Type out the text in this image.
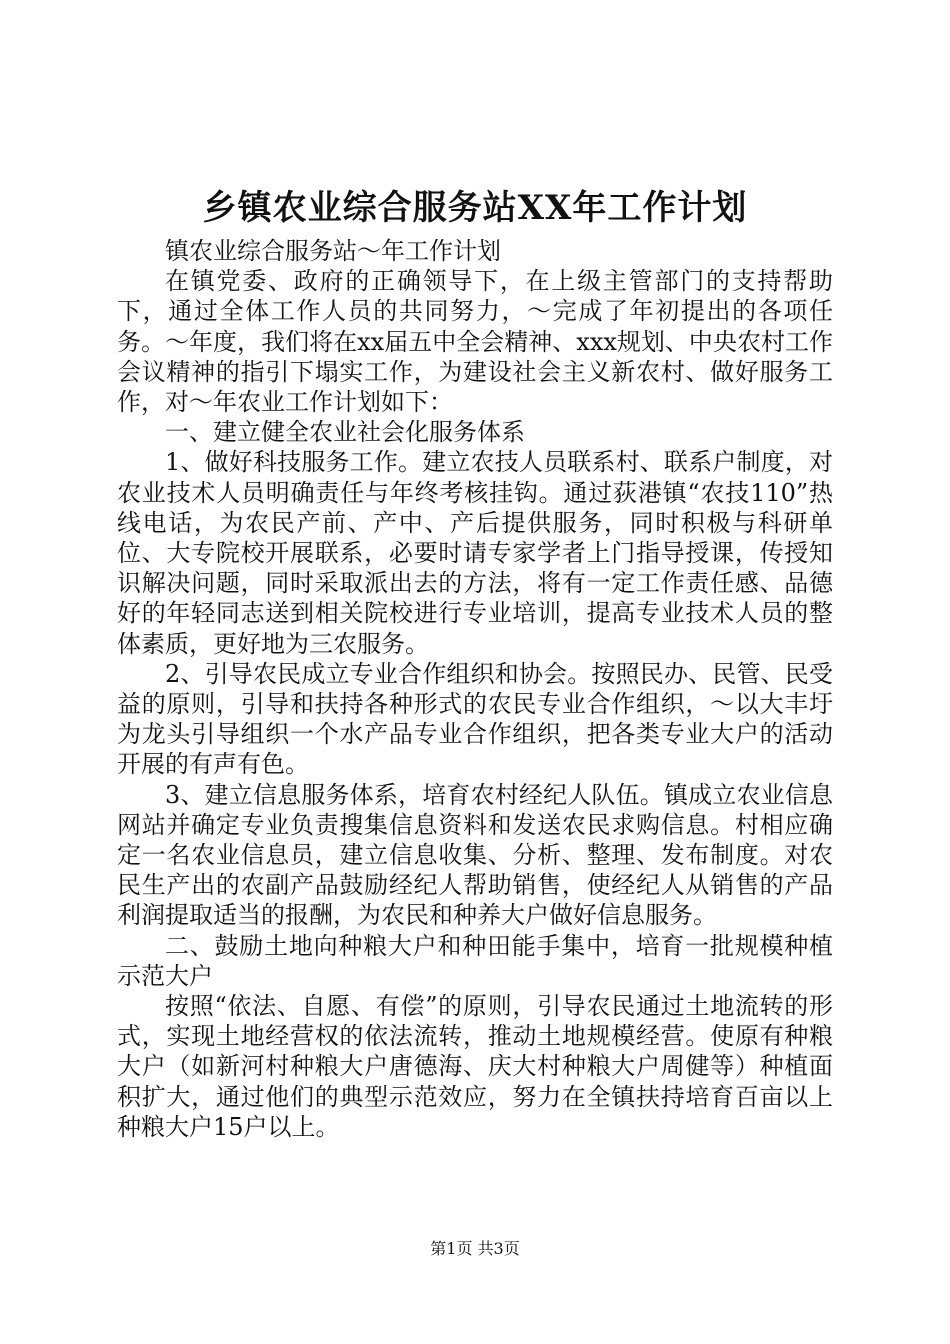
乡镇农业综合服务站XX年工作计划

镇农业综合服务站～年工作计划

在镇党委、政府的正确领导下，在上级主管部门的支持帮助下，通过全体工作人员的共同努力，～完成了年初提出的各项任务。～年度，我们将在xx届五中全会精神、xxx规划、中央农村工作会议精神的指引下塌实工作，为建设社会主义新农村、做好服务工作，对～年农业工作计划如下：

一、建立健全农业社会化服务体系

1、做好科技服务工作。建立农技人员联系村、联系户制度，对农业技术人员明确责任与年终考核挂钩。通过荻港镇“农技110”热线电话，为农民产前、产中、产后提供服务，同时积极与科研单位、大专院校开展联系，必要时请专家学者上门指导授课，传授知识解决问题，同时采取派出去的方法，将有一定工作责任感、品德好的年轻同志送到相关院校进行专业培训，提高专业技术人员的整体素质，更好地为三农服务。

2、引导农民成立专业合作组织和协会。按照民办、民管、民受益的原则，引导和扶持各种形式的农民专业合作组织，～以大丰圩为龙头引导组织一个水产品专业合作组织，把各类专业大户的活动开展的有声有色。

3、建立信息服务体系，培育农村经纪人队伍。镇成立农业信息网站并确定专业负责搜集信息资料和发送农民求购信息。村相应确定一名农业信息员，建立信息收集、分析、整理、发布制度。对农民生产出的农副产品鼓励经纪人帮助销售，使经纪人从销售的产品利润提取适当的报酬，为农民和种养大户做好信息服务。

二、鼓励土地向种粮大户和种田能手集中，培育一批规模种植示范大户

按照“依法、自愿、有偿”的原则，引导农民通过土地流转的形式，实现土地经营权的依法流转，推动土地规模经营。使原有种粮大户（如新河村种粮大户唐德海、庆大村种粮大户周健等）种植面积扩大，通过他们的典型示范效应，努力在全镇扶持培育百亩以上种粮大户15户以上。

第1页 共3页
